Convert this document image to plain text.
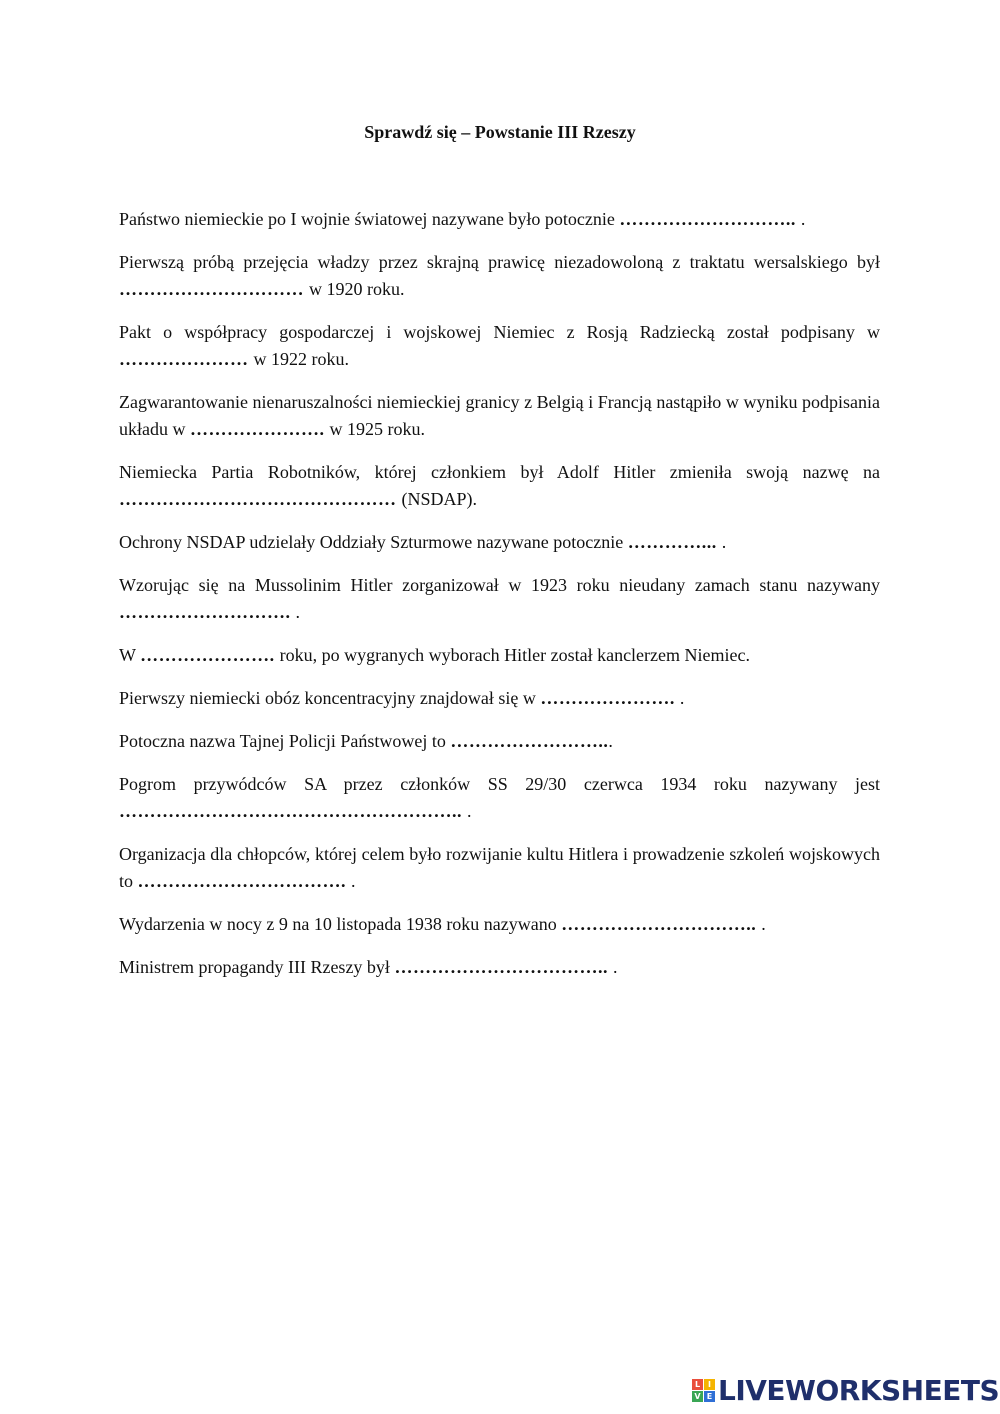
Sprawdź się – Powstanie III Rzeszy

Państwo niemieckie po I wojnie światowej nazywane było potocznie ……………………….. .

Pierwszą próbą przejęcia władzy przez skrajną prawicę niezadowoloną z traktatu wersalskiego był ………………………… w 1920 roku.

Pakt o współpracy gospodarczej i wojskowej Niemiec z Rosją Radziecką został podpisany w ………………… w 1922 roku.

Zagwarantowanie nienaruszalności niemieckiej granicy z Belgią i Francją nastąpiło w wyniku podpisania układu w …………………. w 1925 roku.

Niemiecka Partia Robotników, której członkiem był Adolf Hitler zmieniła swoją nazwę na ……………………………………… (NSDAP).

Ochrony NSDAP udzielały Oddziały Szturmowe nazywane potocznie …………... .

Wzorując się na Mussolinim Hitler zorganizował w 1923 roku nieudany zamach stanu nazywany ………………………. .

W …………………. roku, po wygranych wyborach Hitler został kanclerzem Niemiec.

Pierwszy niemiecki obóz koncentracyjny znajdował się w …………………. .

Potoczna nazwa Tajnej Policji Państwowej to ……………………...

Pogrom przywódców SA przez członków SS 29/30 czerwca 1934 roku nazywany jest ……………………………………………….. .

Organizacja dla chłopców, której celem było rozwijanie kultu Hitlera i prowadzenie szkoleń wojskowych to ……………………………. .

Wydarzenia w nocy z 9 na 10 listopada 1938 roku nazywano ………………………….. .

Ministrem propagandy III Rzeszy był …………………………….. .

L I
V E LIVEWORKSHEETS
